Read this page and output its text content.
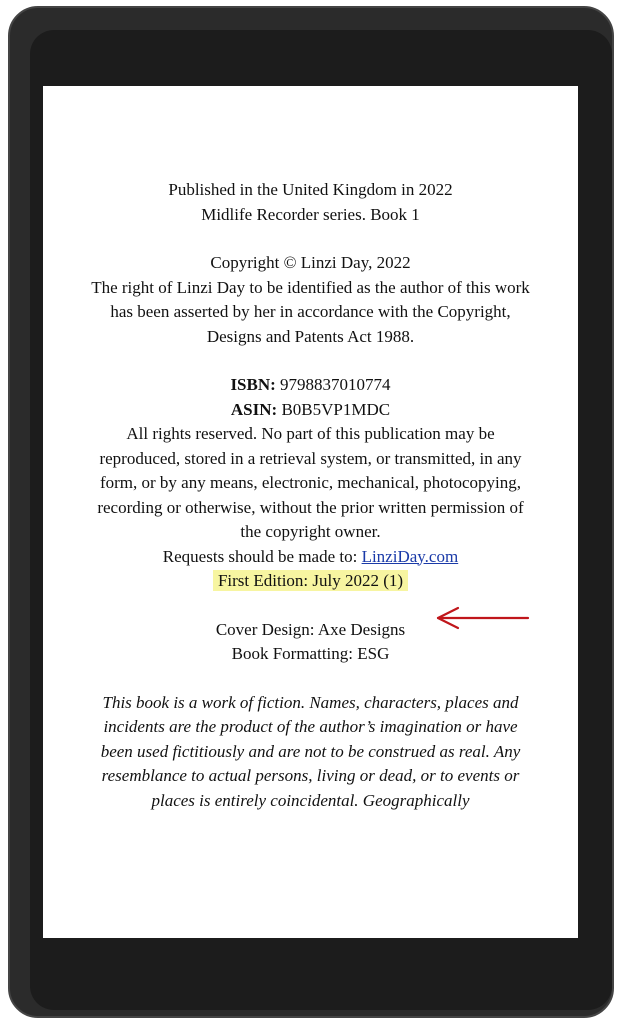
Published in the United Kingdom in 2022
Midlife Recorder series. Book 1

Copyright © Linzi Day, 2022
The right of Linzi Day to be identified as the author of this work has been asserted by her in accordance with the Copyright, Designs and Patents Act 1988.

ISBN: 9798837010774
ASIN: B0B5VP1MDC
All rights reserved. No part of this publication may be reproduced, stored in a retrieval system, or transmitted, in any form, or by any means, electronic, mechanical, photocopying, recording or otherwise, without the prior written permission of the copyright owner.
Requests should be made to: LinziDay.com
First Edition: July 2022 (1)

Cover Design: Axe Designs
Book Formatting: ESG

This book is a work of fiction. Names, characters, places and incidents are the product of the author’s imagination or have been used fictitiously and are not to be construed as real. Any resemblance to actual persons, living or dead, or to events or places is entirely coincidental. Geographically
